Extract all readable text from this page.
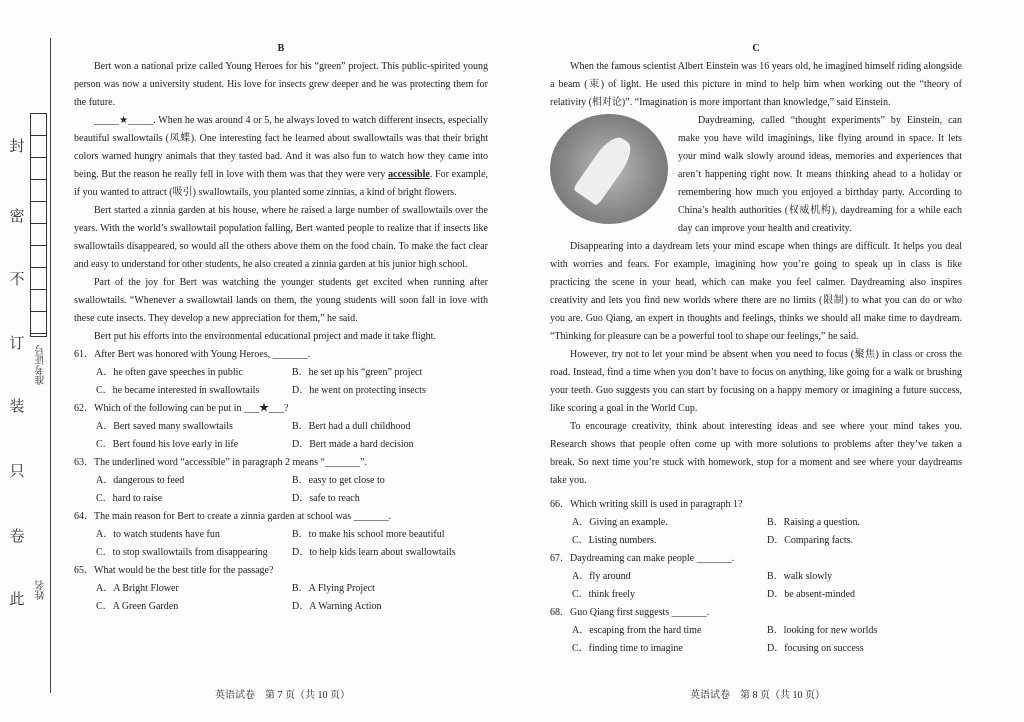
封
密
不
订
装
只
卷
此
准考证号
姓名
B

Bert won a national prize called Young Heroes for his “green” project. This public-spirited young person was now a university student. His love for insects grew deeper and he was protecting them for the future.

_____★_____. When he was around 4 or 5, he always loved to watch different insects, especially beautiful swallowtails (凤蝶). One interesting fact he learned about swallowtails was that their bright colors warned hungry animals that they tasted bad. And it was also fun to watch how they came into being. But the reason he really fell in love with them was that they were very accessible. For example, if you wanted to attract (吸引) swallowtails, you planted some zinnias, a kind of bright flowers.

Bert started a zinnia garden at his house, where he raised a large number of swallowtails over the years. With the world’s swallowtail population falling, Bert wanted people to realize that if insects like swallowtails disappeared, so would all the others above them on the food chain. To make the fact clear and easy to understand for other students, he also created a zinnia garden at his junior high school.

Part of the joy for Bert was watching the younger students get excited when running after swallowtails. “Whenever a swallowtail lands on them, the young students will soon fall in love with these cute insects. They develop a new appreciation for them,” he said.

Bert put his efforts into the environmental educational project and made it take flight.

61．After Bert was honored with Young Heroes, _______.
A．he often gave speeches in public	B．he set up his “green” project
C．he became interested in swallowtails	D．he went on protecting insects
62．Which of the following can be put in ___★___?
A．Bert saved many swallowtails	B．Bert had a dull childhood
C．Bert found his love early in life	D．Bert made a hard decision
63．The underlined word “accessible” in paragraph 2 means “_______”.
A．dangerous to feed	B．easy to get close to
C．hard to raise	D．safe to reach
64．The main reason for Bert to create a zinnia garden at school was _______.
A．to watch students have fun	B．to make his school more beautiful
C．to stop swallowtails from disappearing	D．to help kids learn about swallowtails
65．What would be the best title for the passage?
A．A Bright Flower	B．A Flying Project
C．A Green Garden	D．A Warning Action
英语试卷　第 7 页（共 10 页）
C

When the famous scientist Albert Einstein was 16 years old, he imagined himself riding alongside a beam (束) of light. He used this picture in mind to help him when working out the “theory of relativity (相对论)”. “Imagination is more important than knowledge,” said Einstein.

Daydreaming, called “thought experiments” by Einstein, can make you have wild imaginings, like flying around in space. It lets your mind walk slowly around ideas, memories and experiences that aren’t happening right now. It means thinking ahead to a holiday or remembering how much you enjoyed a birthday party. According to China’s health authorities (权威机构), daydreaming for a while each day can improve your health and creativity.

Disappearing into a daydream lets your mind escape when things are difficult. It helps you deal with worries and fears. For example, imagining how you’re going to speak up in class is like practicing the scene in your head, which can make you feel calmer. Daydreaming also inspires creativity and lets you find new worlds where there are no limits (限制) to what you can do or who you are. Guo Qiang, an expert in thoughts and feelings, thinks we should all make time to daydream. “Thinking for pleasure can be a powerful tool to shape our feelings,” he said.

However, try not to let your mind be absent when you need to focus (聚焦) in class or cross the road. Instead, find a time when you don’t have to focus on anything, like going for a walk or brushing your teeth. Guo suggests you can start by focusing on a happy memory or imagining a future success, like scoring a goal in the World Cup.

To encourage creativity, think about interesting ideas and see where your mind takes you. Research shows that people often come up with more solutions to problems after they’ve taken a break. So next time you’re stuck with homework, stop for a moment and see where your daydreams take you.

66．Which writing skill is used in paragraph 1?
A．Giving an example.	B．Raising a question.
C．Listing numbers.	D．Comparing facts.
67．Daydreaming can make people _______.
A．fly around	B．walk slowly
C．think freely	D．be absent-minded
68．Guo Qiang first suggests _______.
A．escaping from the hard time	B．looking for new worlds
C．finding time to imagine	D．focusing on success
英语试卷　第 8 页（共 10 页）
